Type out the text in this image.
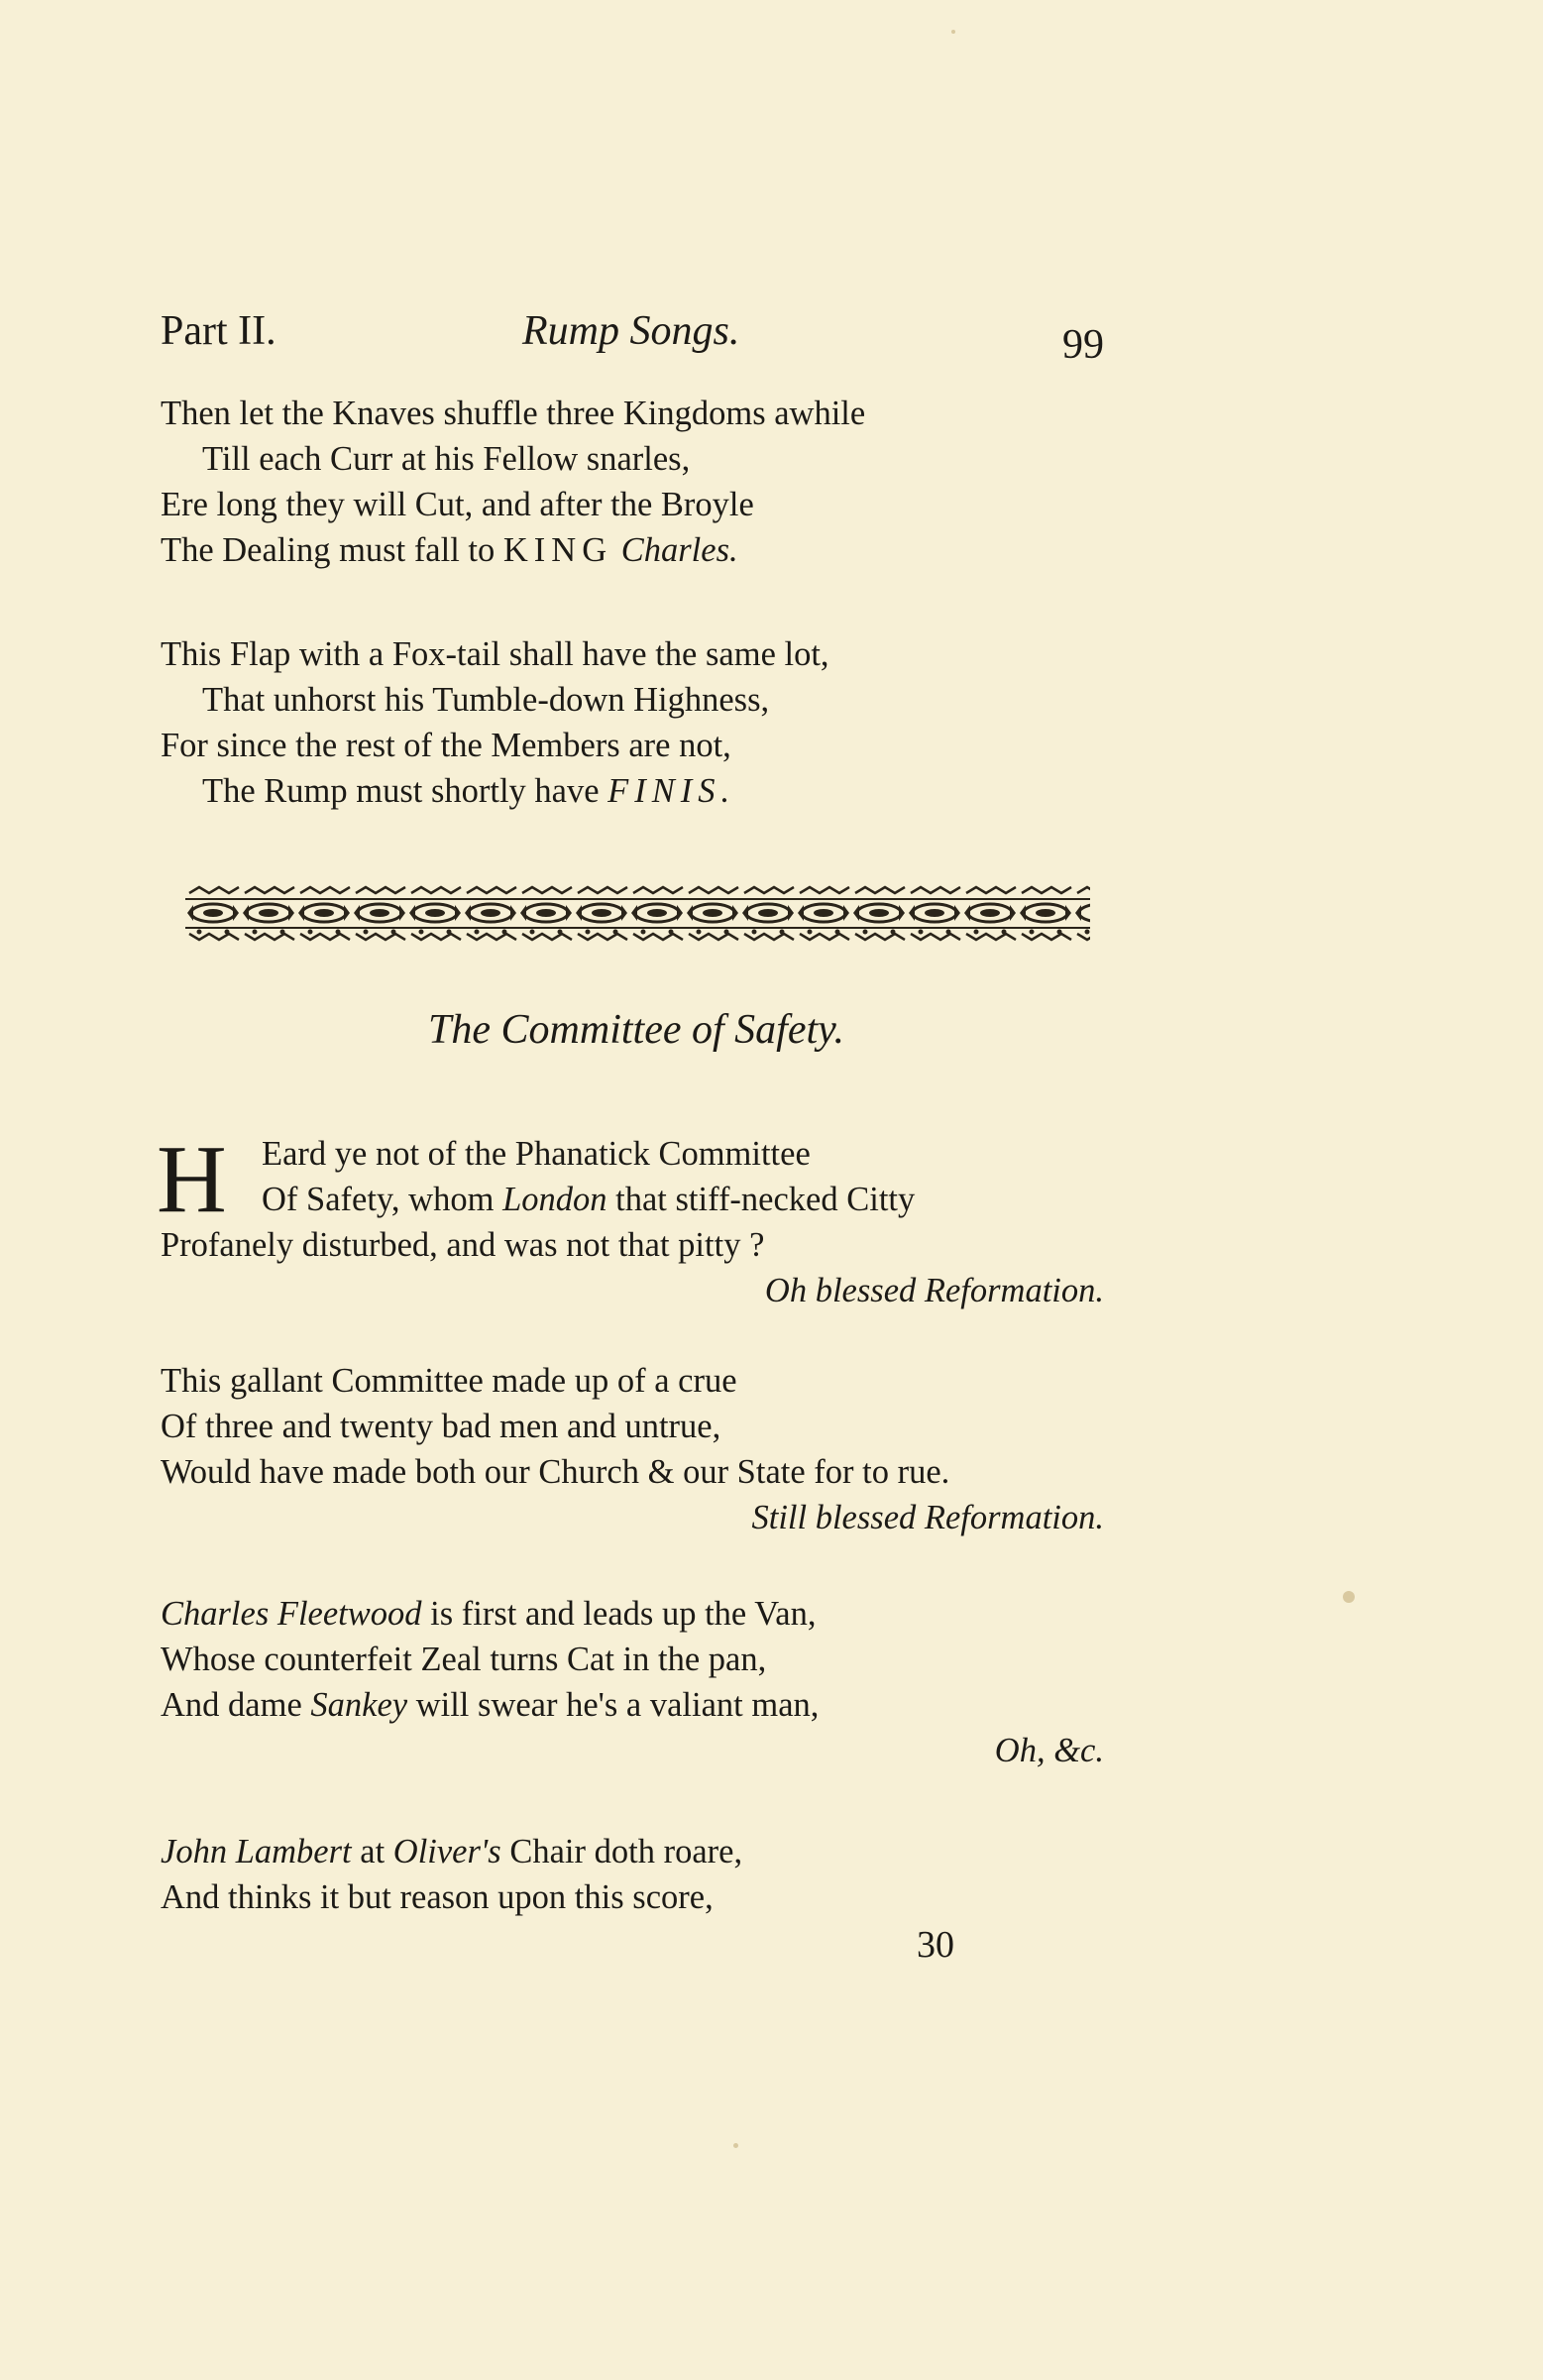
Part II.	Rump Songs.	99
Then let the Knaves shuffle three Kingdoms awhile
Till each Curr at his Fellow snarles,
Ere long they will Cut, and after the Broyle
The Dealing must fall to KING Charles.
This Flap with a Fox-tail shall have the same lot,
That unhorst his Tumble-down Highness,
For since the rest of the Members are not,
The Rump must shortly have FINIS.
The Committee of Safety.
H Eard ye not of the Phanatick Committee
Of Safety, whom London that stiff-necked Citty
Profanely disturbed, and was not that pitty ?
Oh blessed Reformation.
This gallant Committee made up of a crue
Of three and twenty bad men and untrue,
Would have made both our Church & our State for to rue.
Still blessed Reformation.
Charles Fleetwood is first and leads up the Van,
Whose counterfeit Zeal turns Cat in the pan,
And dame Sankey will swear he's a valiant man,
Oh, &c.
John Lambert at Oliver's Chair doth roare,
And thinks it but reason upon this score,
30
